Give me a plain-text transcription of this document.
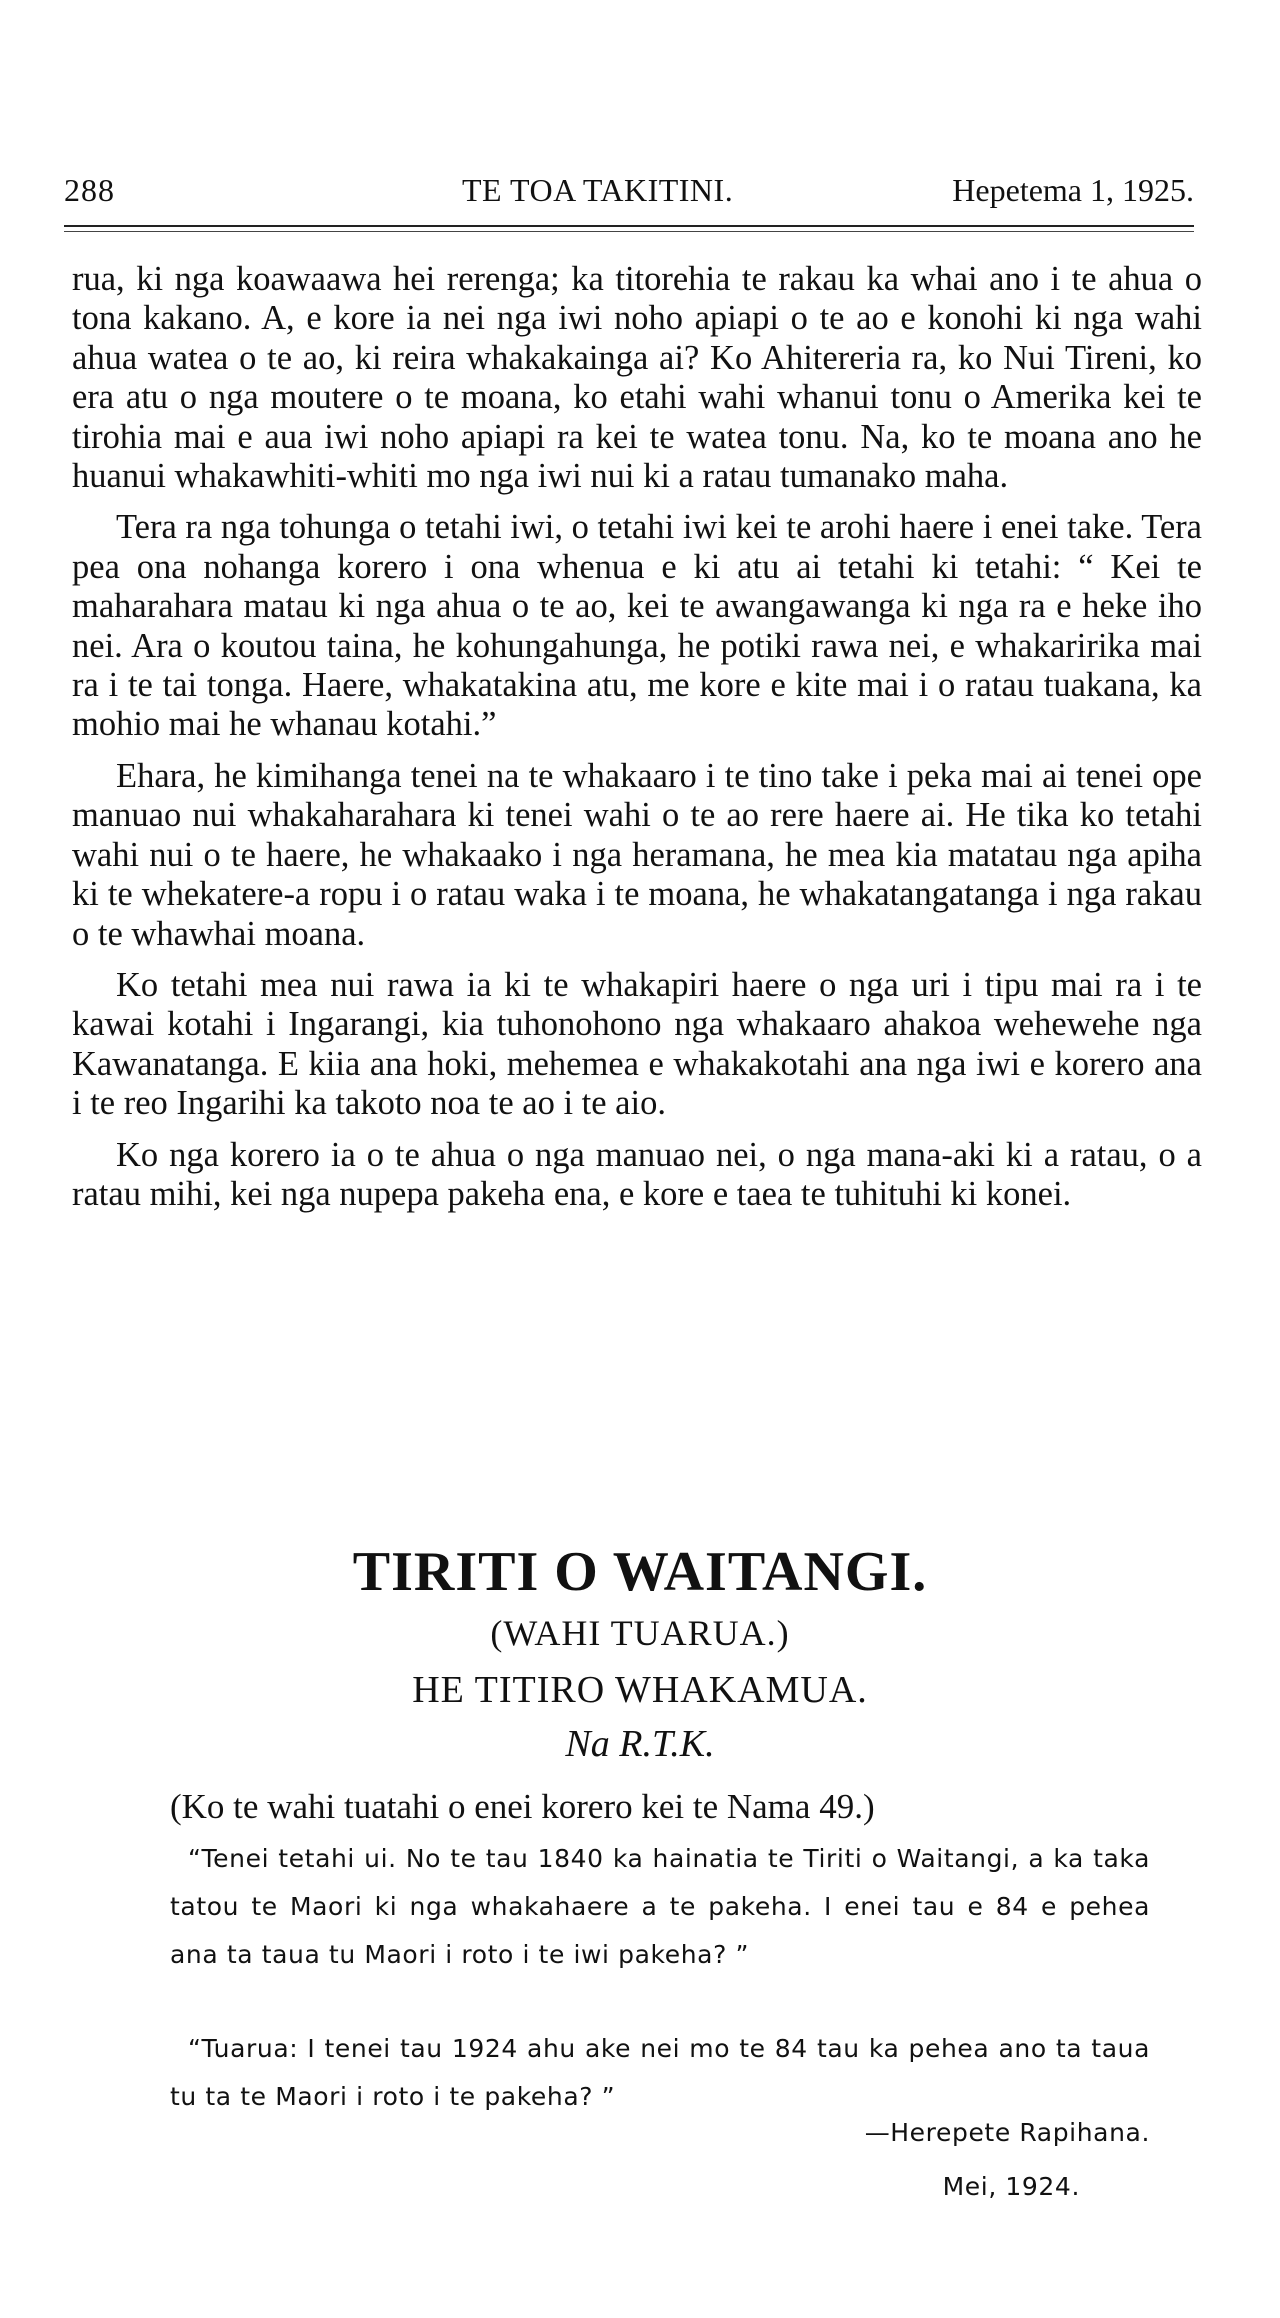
288	TE TOA TAKITINI.	Hepetema 1, 1925.

rua, ki nga koawaawa hei rerenga; ka titorehia te rakau ka whai ano i te ahua o tona kakano. A, e kore ia nei nga iwi noho apiapi o te ao e konohi ki nga wahi ahua watea o te ao, ki reira whakakainga ai? Ko Ahitereria ra, ko Nui Tireni, ko era atu o nga moutere o te moana, ko etahi wahi whanui tonu o Amerika kei te tirohia mai e aua iwi noho apiapi ra kei te watea tonu. Na, ko te moana ano he huanui whakawhiti-whiti mo nga iwi nui ki a ratau tumanako maha.

Tera ra nga tohunga o tetahi iwi, o tetahi iwi kei te arohi haere i enei take. Tera pea ona nohanga korero i ona whenua e ki atu ai tetahi ki tetahi: “ Kei te maharahara matau ki nga ahua o te ao, kei te awangawanga ki nga ra e heke iho nei. Ara o koutou taina, he kohungahunga, he potiki rawa nei, e whakaririka mai ra i te tai tonga. Haere, whakatakina atu, me kore e kite mai i o ratau tuakana, ka mohio mai he whanau kotahi.”

Ehara, he kimihanga tenei na te whakaaro i te tino take i peka mai ai tenei ope manuao nui whakaharahara ki tenei wahi o te ao rere haere ai. He tika ko tetahi wahi nui o te haere, he whakaako i nga heramana, he mea kia matatau nga apiha ki te whekatere-a ropu i o ratau waka i te moana, he whakatangatanga i nga rakau o te whawhai moana.

Ko tetahi mea nui rawa ia ki te whakapiri haere o nga uri i tipu mai ra i te kawai kotahi i Ingarangi, kia tuhonohono nga whakaaro ahakoa wehewehe nga Kawanatanga. E kiia ana hoki, mehemea e whakakotahi ana nga iwi e korero ana i te reo Ingarihi ka takoto noa te ao i te aio.

Ko nga korero ia o te ahua o nga manuao nei, o nga mana-aki ki a ratau, o a ratau mihi, kei nga nupepa pakeha ena, e kore e taea te tuhituhi ki konei.

TIRITI O WAITANGI.
(WAHI TUARUA.)
HE TITIRO WHAKAMUA.
Na R.T.K.
(Ko te wahi tuatahi o enei korero kei te Nama 49.)

“Tenei tetahi ui. No te tau 1840 ka hainatia te Tiriti o Waitangi, a ka taka tatou te Maori ki nga whakahaere a te pakeha. I enei tau e 84 e pehea ana ta taua tu Maori i roto i te iwi pakeha? ”

“Tuarua: I tenei tau 1924 ahu ake nei mo te 84 tau ka pehea ano ta taua tu ta te Maori i roto i te pakeha? ”

—Herepete Rapihana.
Mei, 1924.
